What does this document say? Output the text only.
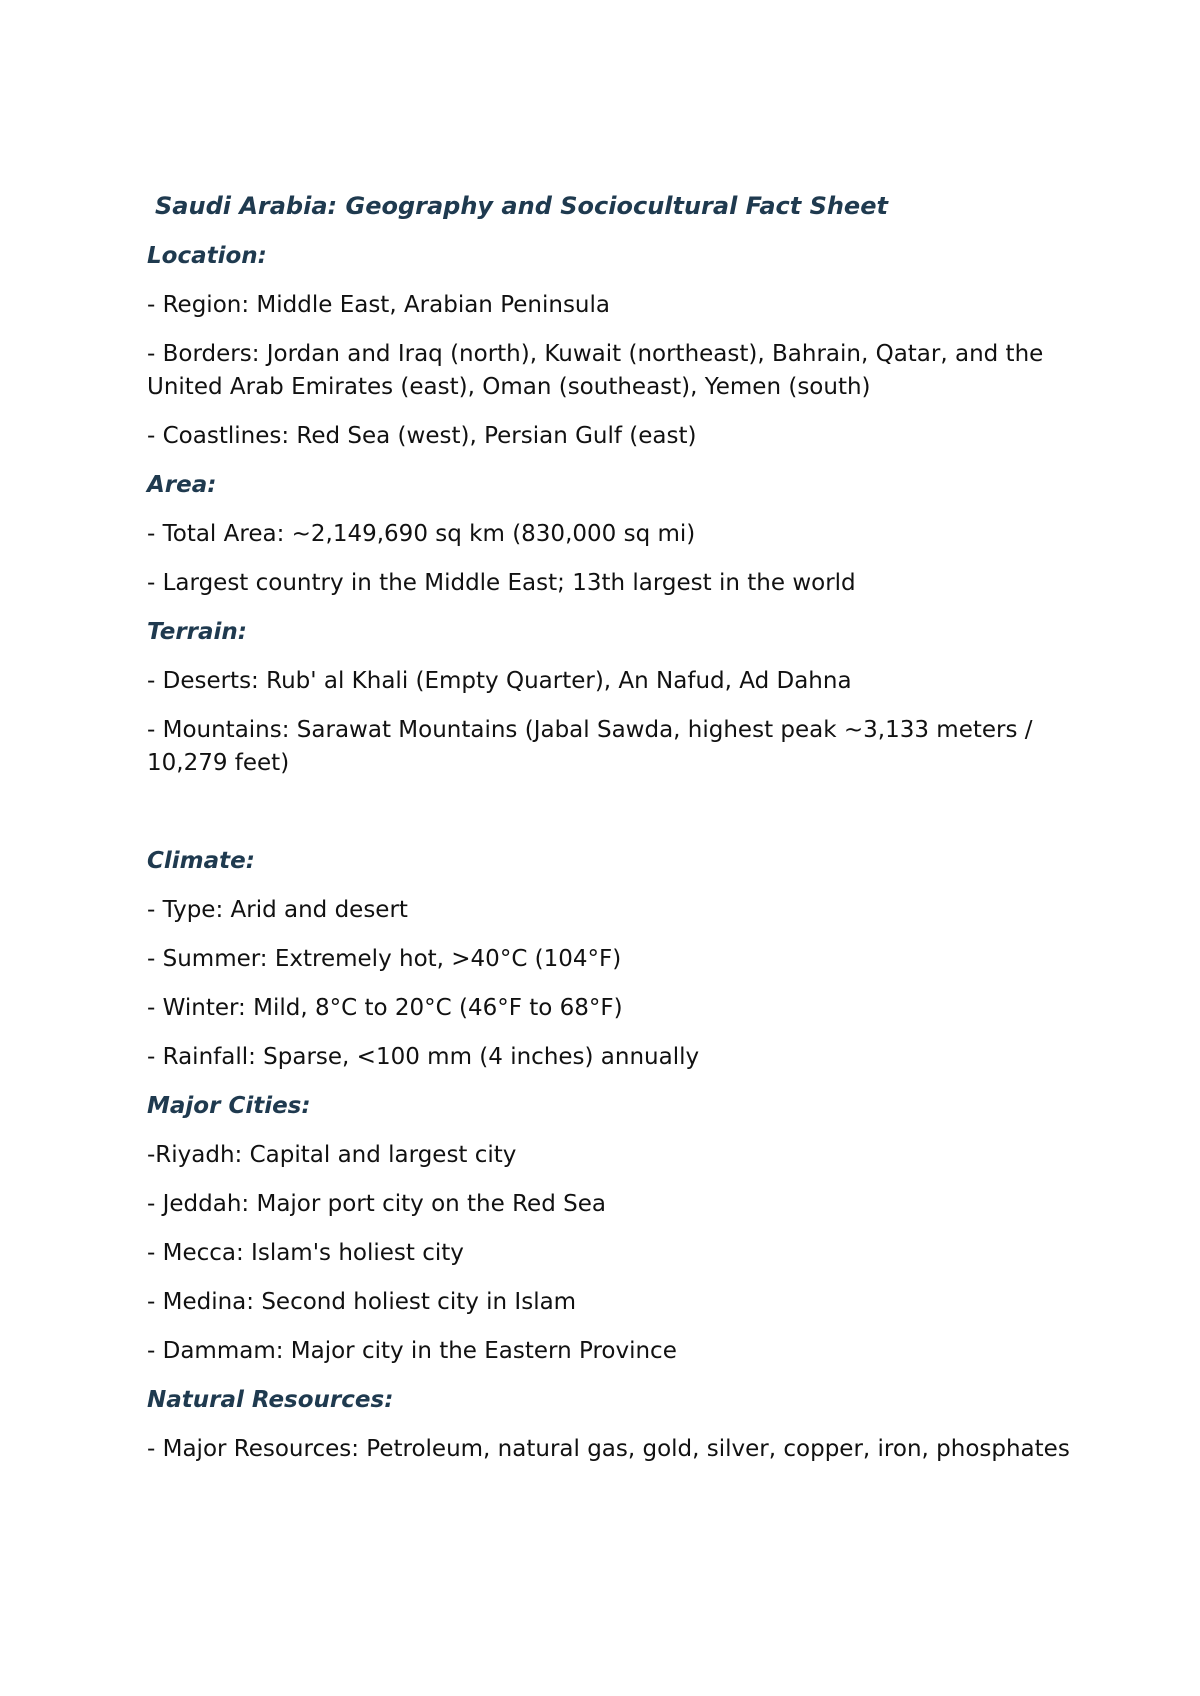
Saudi Arabia: Geography and Sociocultural Fact Sheet
Location:
- Region: Middle East, Arabian Peninsula
- Borders: Jordan and Iraq (north), Kuwait (northeast), Bahrain, Qatar, and the United Arab Emirates (east), Oman (southeast), Yemen (south)
- Coastlines: Red Sea (west), Persian Gulf (east)
Area:
- Total Area: ~2,149,690 sq km (830,000 sq mi)
- Largest country in the Middle East; 13th largest in the world
Terrain:
- Deserts: Rub' al Khali (Empty Quarter), An Nafud, Ad Dahna
- Mountains: Sarawat Mountains (Jabal Sawda, highest peak ~3,133 meters / 10,279 feet)
Climate:
- Type: Arid and desert
- Summer: Extremely hot, >40°C (104°F)
- Winter: Mild, 8°C to 20°C (46°F to 68°F)
- Rainfall: Sparse, <100 mm (4 inches) annually
Major Cities:
-Riyadh: Capital and largest city
- Jeddah: Major port city on the Red Sea
- Mecca: Islam's holiest city
- Medina: Second holiest city in Islam
- Dammam: Major city in the Eastern Province
Natural Resources:
- Major Resources: Petroleum, natural gas, gold, silver, copper, iron, phosphates
